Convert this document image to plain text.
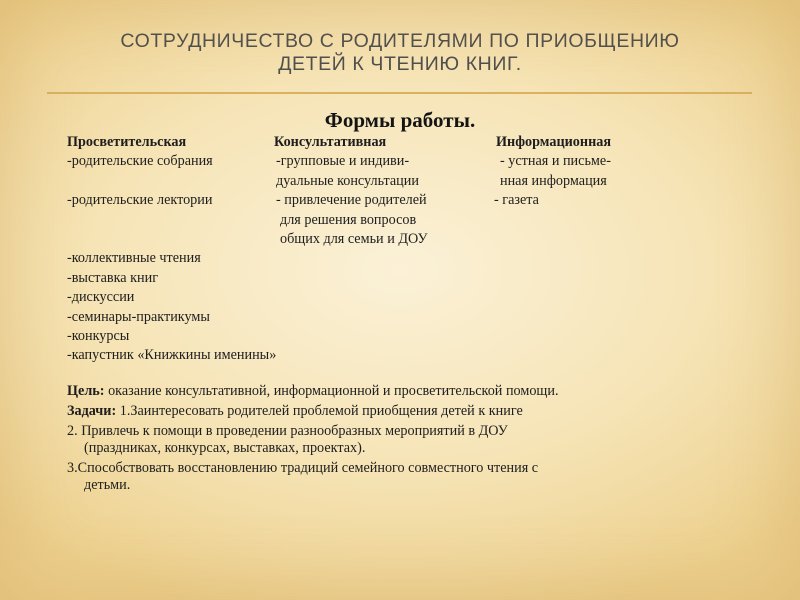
СОТРУДНИЧЕСТВО С РОДИТЕЛЯМИ ПО ПРИОБЩЕНИЮ
ДЕТЕЙ К ЧТЕНИЮ КНИГ.
Формы работы.
Просветительская	Консультативная	Информационная
-родительские собрания
-родительские лектории
-коллективные чтения
-выставка книг
-дискуссии
-семинары-практикумы
-конкурсы
-капустник «Книжкины именины»
-групповые и индиви-
дуальные консультации
- привлечение родителей
для решения вопросов
общих для семьи и ДОУ
- устная и письме-
нная информация
- газета

Цель: оказание консультативной, информационной и просветительской помощи.

Задачи: 1.Заинтересовать родителей проблемой приобщения детей к книге

2. Привлечь к помощи в проведении разнообразных мероприятий в ДОУ

(праздниках, конкурсах, выставках, проектах).

3.Способствовать восстановлению традиций семейного совместного чтения с

детьми.
